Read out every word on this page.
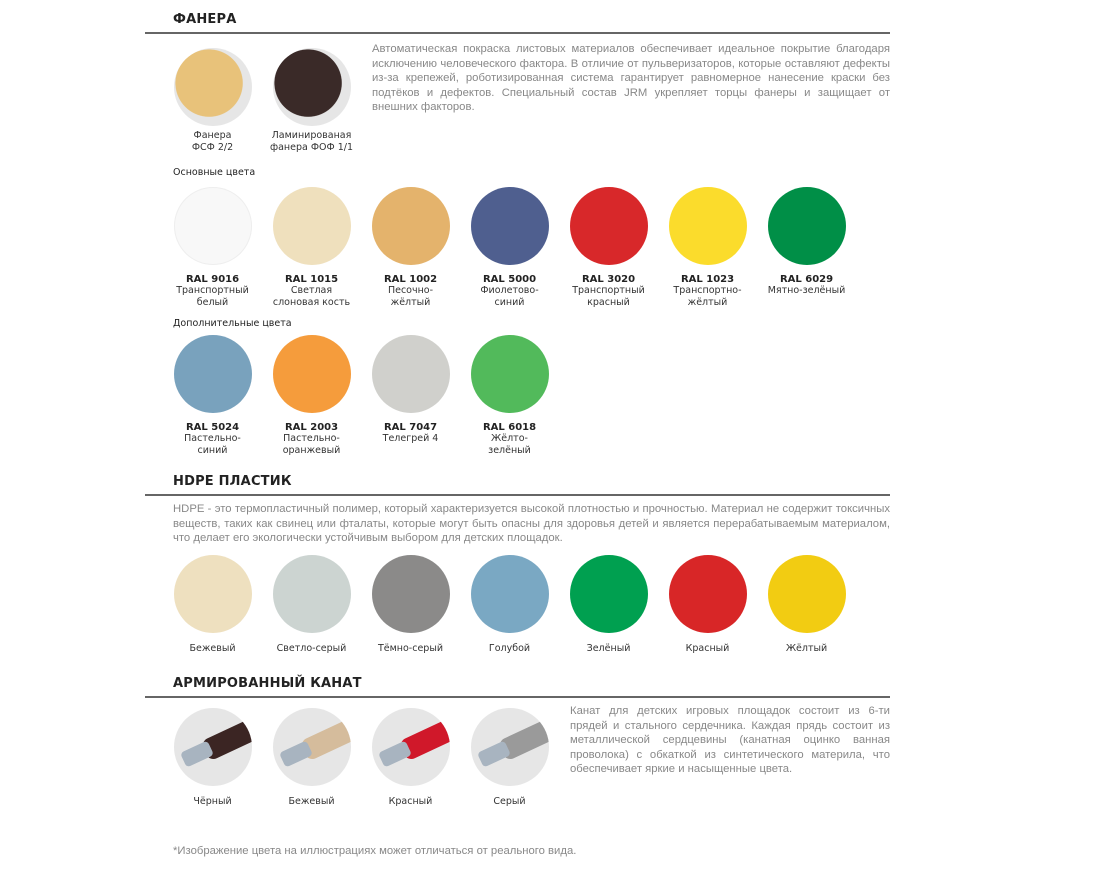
ФАНЕРА
Автоматическая покраска листовых материалов обеспечивает идеальное покрытие благодаря исключению человеческого фактора. В отличие от пульверизаторов, которые оставляют дефекты из-за крепежей, роботизированная система гарантирует равномерное нанесение краски без подтёков и дефектов. Специальный состав JRM укрепляет торцы фанеры и защищает от внешних факторов.
Фанера
ФСФ 2/2
Ламинированая
фанера ФОФ 1/1
Основные цвета
RAL 9016
Транспортный
белый
RAL 1015
Светлая
слоновая кость
RAL 1002
Песочно-
жёлтый
RAL 5000
Фиолетово-
синий
RAL 3020
Транспортный
красный
RAL 1023
Транспортно-
жёлтый
RAL 6029
Мятно-зелёный
Дополнительные цвета
RAL 5024
Пастельно-
синий
RAL 2003
Пастельно-
оранжевый
RAL 7047
Телегрей 4
RAL 6018
Жёлто-
зелёный
HDPE ПЛАСТИК
HDPE - это термопластичный полимер, который характеризуется высокой плотностью и прочностью. Материал не содержит токсичных веществ, таких как свинец или фталаты, которые могут быть опасны для здоровья детей и является перерабатываемым материалом, что делает его экологически устойчивым выбором для детских площадок.
Бежевый	Светло-серый	Тёмно-серый	Голубой	Зелёный	Красный	Жёлтый
АРМИРОВАННЫЙ КАНАТ
Канат для детских игровых площадок состоит из 6-ти прядей и стального сердечника. Каждая прядь состоит из металлической сердцевины (канатная оцинко ванная проволока) с обкаткой из синтетического материла, что обеспечивает яркие и насыщенные цвета.
Чёрный	Бежевый	Красный	Серый
*Изображение цвета на иллюстрациях может отличаться от реального вида.
